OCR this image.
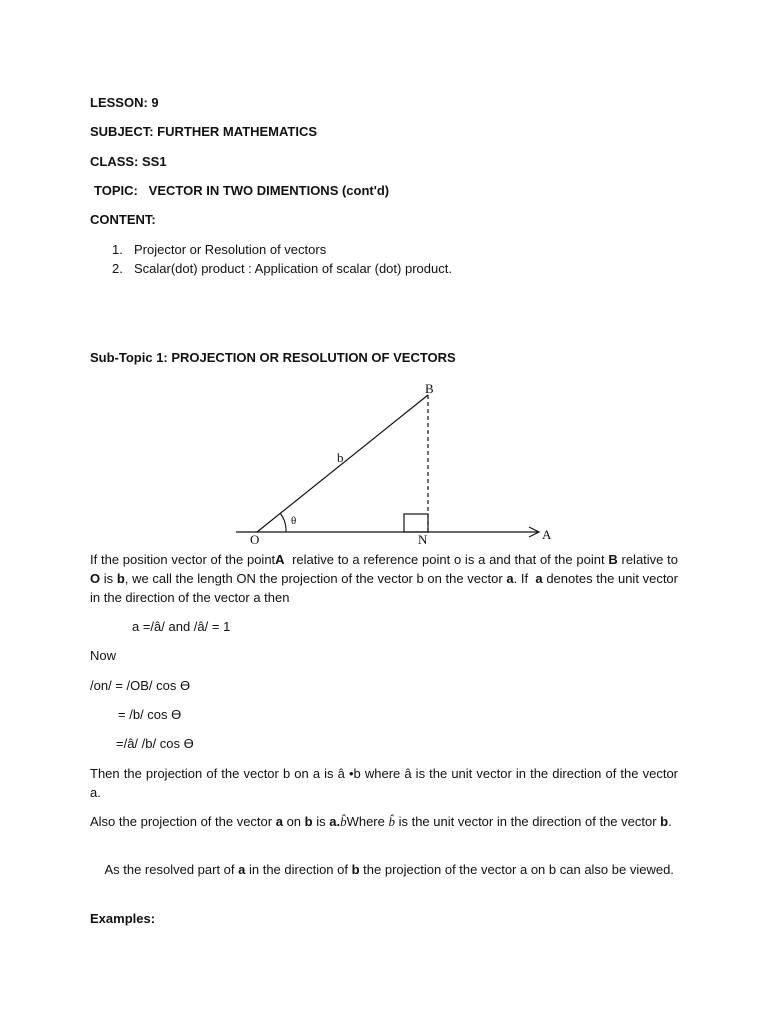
LESSON: 9
SUBJECT: FURTHER MATHEMATICS
CLASS: SS1
TOPIC:   VECTOR IN TWO DIMENTIONS (cont'd)
CONTENT:
1. Projector or Resolution of vectors
2. Scalar(dot) product : Application of scalar (dot) product.
Sub-Topic 1: PROJECTION OR RESOLUTION OF VECTORS
B
b
θ
O	N	A
If the position vector of the pointA  relative to a reference point o is a and that of the point B relative to O is b, we call the length ON the projection of the vector b on the vector a. If  a denotes the unit vector in the direction of the vector a then
a =/â/ and /â/ = 1
Now
/on/ = /OB/ cos ϴ
= /b/ cos ϴ
=/â/ /b/ cos ϴ
Then the projection of the vector b on a is â •b where â is the unit vector in the direction of the vector a.
Also the projection of the vector a on b is a.b̂Where b̂ is the unit vector in the direction of the vector b.
As the resolved part of a in the direction of b the projection of the vector a on b can also be viewed.
Examples:
